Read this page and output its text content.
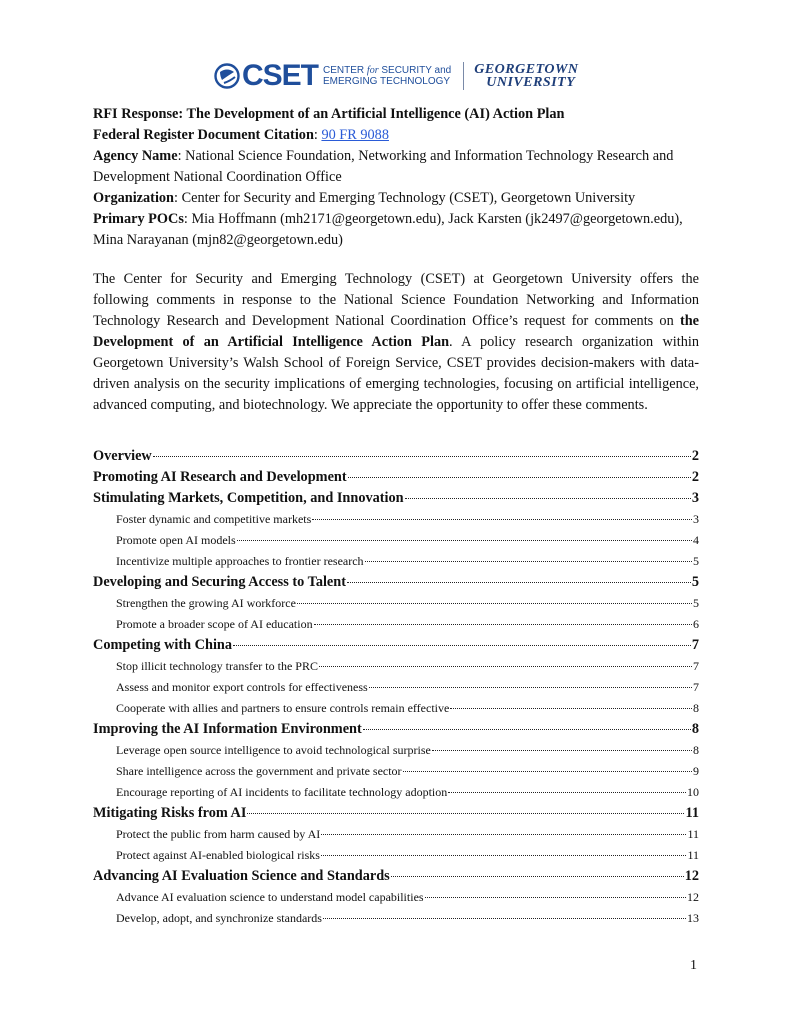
CSET CENTER for SECURITY and
EMERGING TECHNOLOGY
GEORGETOWN
UNIVERSITY

RFI Response: The Development of an Artificial Intelligence (AI) Action Plan

Federal Register Document Citation: 90 FR 9088

Agency Name: National Science Foundation, Networking and Information Technology Research and Development National Coordination Office

Organization: Center for Security and Emerging Technology (CSET), Georgetown University

Primary POCs: Mia Hoffmann (mh2171@georgetown.edu), Jack Karsten (jk2497@georgetown.edu), Mina Narayanan (mjn82@georgetown.edu)

The Center for Security and Emerging Technology (CSET) at Georgetown University offers the following comments in response to the National Science Foundation Networking and Information Technology Research and Development National Coordination Office’s request for comments on the Development of an Artificial Intelligence Action Plan. A policy research organization within Georgetown University’s Walsh School of Foreign Service, CSET provides decision-makers with data-driven analysis on the security implications of emerging technologies, focusing on artificial intelligence, advanced computing, and biotechnology. We appreciate the opportunity to offer these comments.

Overview	2
Promoting AI Research and Development	2
Stimulating Markets, Competition, and Innovation	3
Foster dynamic and competitive markets	3
Promote open AI models	4
Incentivize multiple approaches to frontier research	5
Developing and Securing Access to Talent	5
Strengthen the growing AI workforce	5
Promote a broader scope of AI education	6
Competing with China	7
Stop illicit technology transfer to the PRC	7
Assess and monitor export controls for effectiveness	7
Cooperate with allies and partners to ensure controls remain effective	8
Improving the AI Information Environment	8
Leverage open source intelligence to avoid technological surprise	8
Share intelligence across the government and private sector	9
Encourage reporting of AI incidents to facilitate technology adoption	10
Mitigating Risks from AI	11
Protect the public from harm caused by AI	11
Protect against AI-enabled biological risks	11
Advancing AI Evaluation Science and Standards	12
Advance AI evaluation science to understand model capabilities	12
Develop, adopt, and synchronize standards	13
1
